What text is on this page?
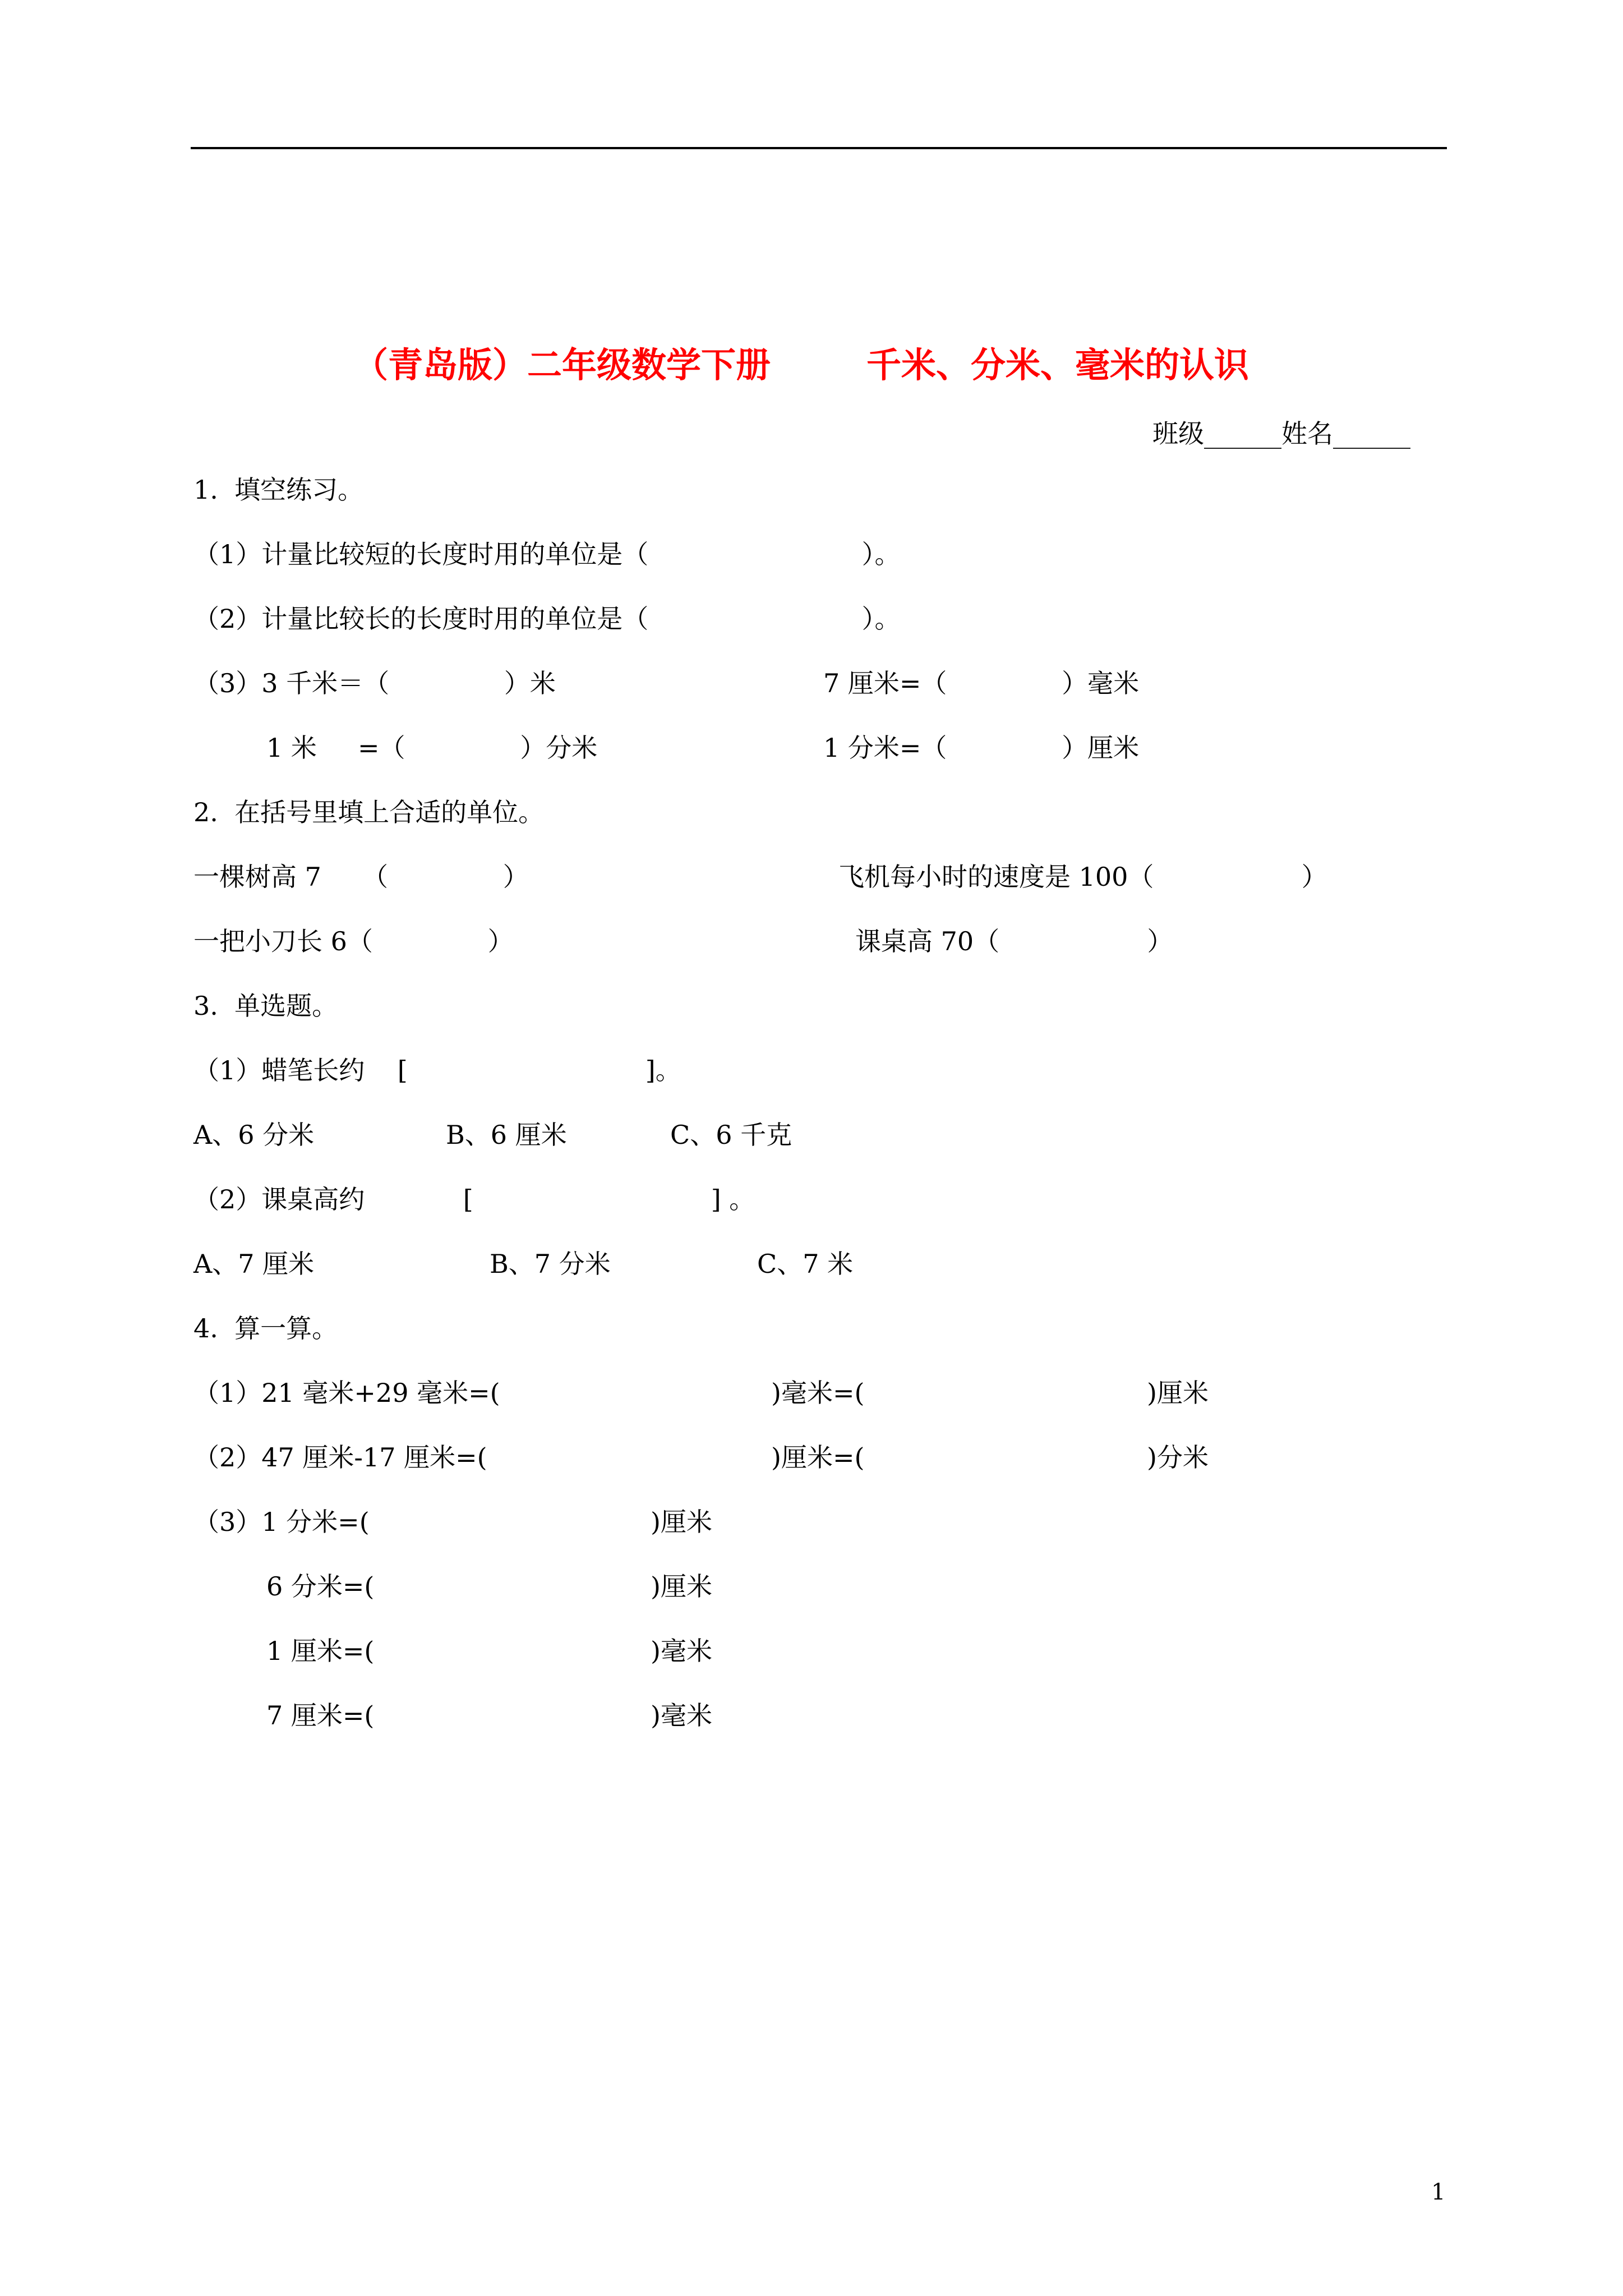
（青岛版）二年级数学下册	千米、分米、毫米的认识
班级______姓名______
1.  填空练习。
（1）计量比较短的长度时用的单位是（                          ）。
（2）计量比较长的长度时用的单位是（                          ）。
（3）3 千米＝（              ）米	7 厘米=（              ）毫米
1 米     =（              ）分米	1 分米=（              ）厘米
2.  在括号里填上合适的单位。
一棵树高 7     （              ）	飞机每小时的速度是 100（                  ）
一把小刀长 6（              ）	课桌高 70（                  ）
3.  单选题。
（1）蜡笔长约    [                             ]。
A、6 分米	B、6 厘米	C、6 千克
（2）课桌高约            [                             ] 。
A、7 厘米	B、7 分米	C、7 米
4.  算一算。
（1）21 毫米+29 毫米=(	)毫米=(	)厘米
（2）47 厘米-17 厘米=(	)厘米=(	)分米
（3）1 分米=(	)厘米
6 分米=(	)厘米
1 厘米=(	)毫米
7 厘米=(	)毫米
1
